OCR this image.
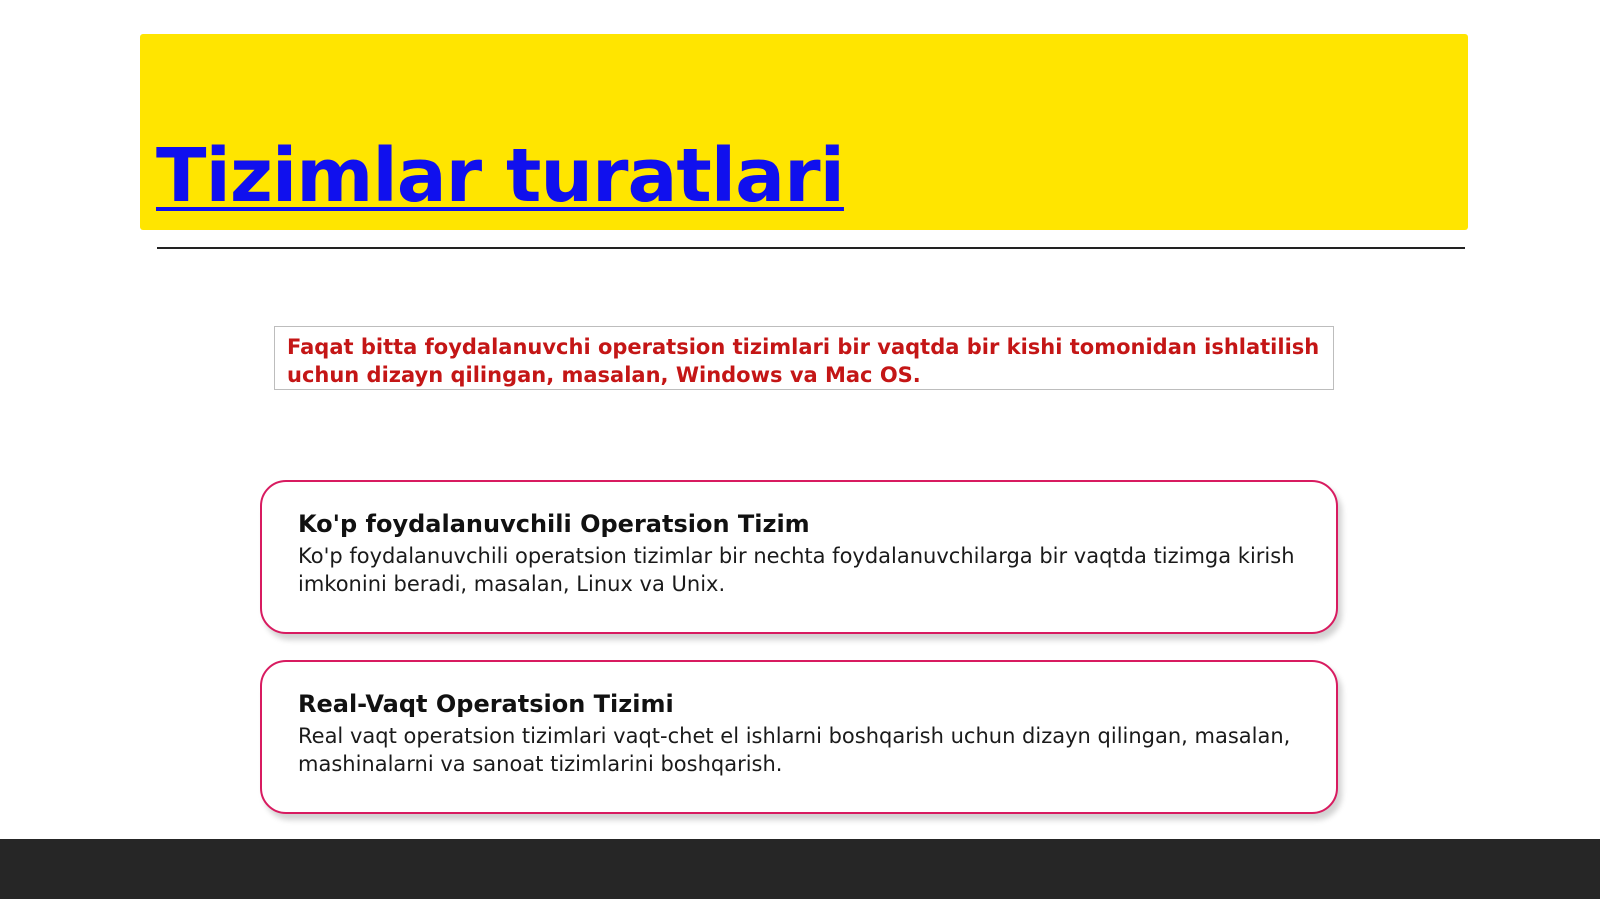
Tizimlar turatlari
Faqat bitta foydalanuvchi operatsion tizimlari bir vaqtda bir kishi tomonidan ishlatilish uchun dizayn qilingan, masalan, Windows va Mac OS.

Ko'p foydalanuvchili Operatsion Tizim

Ko'p foydalanuvchili operatsion tizimlar bir nechta foydalanuvchilarga bir vaqtda tizimga kirish imkonini beradi, masalan, Linux va Unix.

Real-Vaqt Operatsion Tizimi

Real vaqt operatsion tizimlari vaqt-chet el ishlarni boshqarish uchun dizayn qilingan, masalan, mashinalarni va sanoat tizimlarini boshqarish.
